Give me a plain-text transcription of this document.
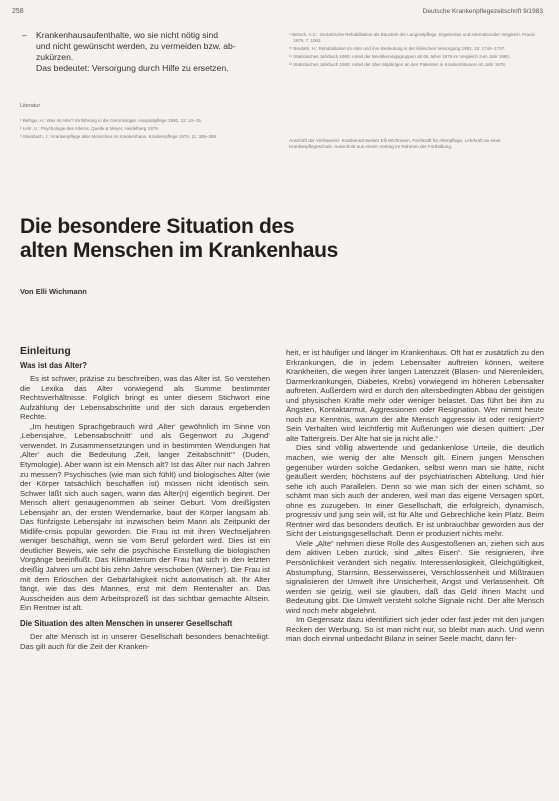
258	Deutsche Krankenpflegezeitschrift 9/1983
– Krankenhausaufenthalte, wo sie nicht nötig sind
und nicht gewünscht werden, zu vermeiden bzw. ab-
zukürzen.
Das bedeutet: Versorgung durch Hilfe zu ersetzen.

⁹ Bersch, A.C.: Geriatrische Rehabilitation als Baustein der Langzeitpflege. Ergebnisse und internationaler Vergleich. Praxis 1979, 7: 1062.

¹⁰ Bredahl, H.: Rehabilitation im Alter und ihre Bedeutung in der klinischen Versorgung 1981, 15: 1744–1747.

¹¹ Statistisches Jahrbuch 1980: Anteil der Bevölkerungsgruppen ab 65 Jahre 1979 im Vergleich zum Jahr 1960.

¹² Statistisches Jahrbuch 1980: Anteil der über 65jährigen an den Patienten in Krankenhäusern im Jahr 1978.

Literatur

¹ Bethge, H.: Was ist Alter? Einführung in die Gerontologie. Hospitalpflege 1980, 12: 10–15.

² Lehr, U.: Psychologie des Alterns. Quelle & Meyer, Heidelberg 1979.

³ Steinbach, J.: Krankenpflege alter Menschen im Krankenhaus. Krankenpflege 1978, 11: 385–389.

Anschrift der Verfasserin: Krankenschwester Elli Wichmann, Fachkraft für Altenpflege, Lehrkraft an einer Krankenpflegeschule. Ausschnitt aus einem Vortrag im Rahmen der Fortbildung.
Die besondere Situation des
alten Menschen im Krankenhaus
Von Elli Wichmann
Einleitung
Was ist das Alter?

Es ist schwer, präzise zu beschreiben, was das Alter ist. So verstehen die Lexika das Alter vorwiegend als Summe bestimmter Rechtsverhältnisse. Folglich bringt es unter diesem Stichwort eine Aufzählung der Lebensabschnitte und der sich daraus ergebenden Rechte.

„Im heutigen Sprachgebrauch wird ‚Alter‘ gewöhnlich im Sinne von ‚Lebensjahre, Lebensabschnitt‘ und als Gegenwort zu ‚Jugend‘ verwendet. In Zusammensetzungen und in bestimmten Wendungen hat ‚Alter‘ auch die Bedeutung ‚Zeit, langer Zeitabschnitt‘“ (Duden, Etymologie). Aber wann ist ein Mensch alt? Ist das Alter nur nach Jahren zu messen? Psychisches (wie man sich fühlt) und biologisches Alter (wie der Körper tatsächlich beschaffen ist) müssen nicht identisch sein. Schwer läßt sich auch sagen, wann das Alter(n) eigentlich beginnt. Der Mensch altert genaugenommen ab seiner Geburt. Vom dreißigsten Lebensjahr an, der ersten Wendemarke, baut der Körper langsam ab. Das fünfzigste Lebensjahr ist inzwischen beim Mann als Zeitpunkt der Midlife-crisis populär geworden. Die Frau ist mit ihren Wechseljahren weniger beschäftigt, wenn sie vom Beruf gefordert wird. Dies ist ein deutlicher Beweis, wie sehr die psychische Einstellung die biologischen Vorgänge beeinflußt. Das Klimakterium der Frau hat sich in den letzten dreißig Jahren um acht bis zehn Jahre verschoben (Werner). Die Frau ist mit dem Erlöschen der Gebärfähigkeit nicht automatisch alt. Ihr Alter fängt, wie das des Mannes, erst mit dem Rentenalter an. Das Ausscheiden aus dem Arbeitsprozeß ist das sichtbar gemachte Altsein. Ein Rentner ist alt.

Die Situation des alten Menschen in unserer Gesellschaft

Der alte Mensch ist in unserer Gesellschaft besonders benachteiligt. Das gilt auch für die Zeit der Kranken-

heit, er ist häufiger und länger im Krankenhaus. Oft hat er zusätzlich zu den Erkrankungen, die in jedem Lebensalter auftreten können, weitere Krankheiten, die wegen ihrer langen Latenzzeit (Blasen- und Nierenleiden, Darmerkrankungen, Diabetes, Krebs) vorwiegend im höheren Lebensalter auftreten. Außerdem wird er durch den altersbedingten Abbau der geistigen und physischen Kräfte mehr oder weniger belastet. Das führt bei ihm zu Ängsten, Kontaktarmut, Aggressionen oder Resignation. Wer nimmt heute noch zur Kenntnis, warum der alte Mensch aggressiv ist oder resigniert? Sein Verhalten wird leichtfertig mit Äußerungen wie diesen quittiert: „Der alte Tattergreis. Der Alte hat sie ja nicht alle.“

Dies sind völlig abwertende und gedankenlose Urteile, die deutlich machen, wie wenig der alte Mensch gilt. Einem jungen Menschen gegenüber würden solche Gedanken, selbst wenn man sie hätte, nicht geäußert werden; höchstens auf der psychiatrischen Abteilung. Und hier sehe ich auch Parallelen. Denn so wie man sich der einen schämt, so schämt man sich auch der anderen, weil man das eigene Versagen spürt, ohne es zuzugeben. In einer Gesellschaft, die erfolgreich, dynamisch, progressiv und jung sein will, ist für Alte und Gebrechliche kein Platz. Beim Rentner wird das besonders deutlich. Er ist unbrauchbar geworden aus der Sicht der Leistungsgesellschaft. Denn er produziert nichts mehr.

Viele „Alte“ nehmen diese Rolle des Ausgestoßenen an, ziehen sich aus dem aktiven Leben zurück, sind „altes Eisen“. Sie resignieren, ihre Persönlichkeit verändert sich negativ. Interessenlosigkeit, Gleichgültigkeit, Abstumpfung, Starrsinn, Besserwisserei, Verschlossenheit und Mißtrauen signalisieren der Umwelt ihre Unsicherheit, Angst und Verlassenheit. Oft werden sie geizig, weil sie glauben, daß das Geld ihnen Macht und Bedeutung gibt. Die Umwelt versteht solche Signale nicht. Der alte Mensch wird noch mehr abgelehnt.

Im Gegensatz dazu identifiziert sich jeder oder fast jeder mit den jungen Recken der Werbung. So ist man nicht nur, so bleibt man auch. Und wenn man doch einmal unbedacht Bilanz in seiner Seele macht, dann fer-
